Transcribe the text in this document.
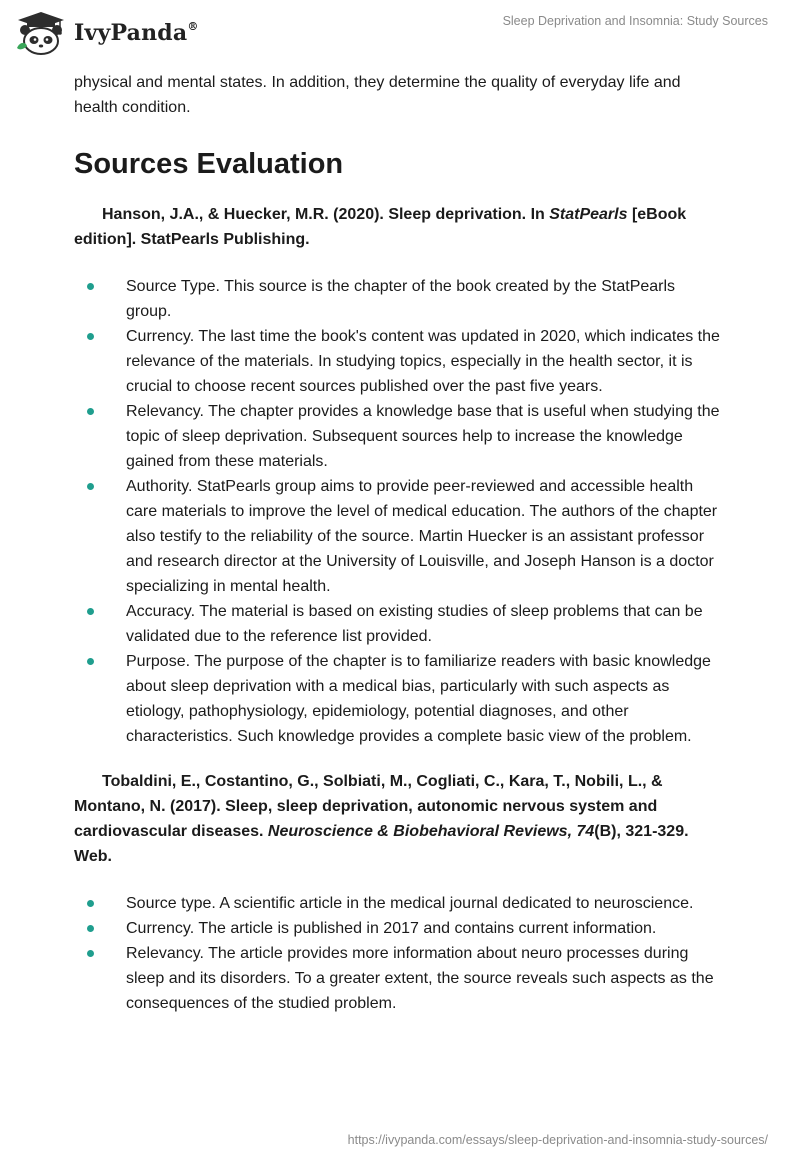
IvyPanda®	Sleep Deprivation and Insomnia: Study Sources

physical and mental states. In addition, they determine the quality of everyday life and health condition.

Sources Evaluation

Hanson, J.A., & Huecker, M.R. (2020). Sleep deprivation. In StatPearls [eBook edition]. StatPearls Publishing.

Source Type. This source is the chapter of the book created by the StatPearls group.
Currency. The last time the book's content was updated in 2020, which indicates the relevance of the materials. In studying topics, especially in the health sector, it is crucial to choose recent sources published over the past five years.
Relevancy. The chapter provides a knowledge base that is useful when studying the topic of sleep deprivation. Subsequent sources help to increase the knowledge gained from these materials.
Authority. StatPearls group aims to provide peer-reviewed and accessible health care materials to improve the level of medical education. The authors of the chapter also testify to the reliability of the source. Martin Huecker is an assistant professor and research director at the University of Louisville, and Joseph Hanson is a doctor specializing in mental health.
Accuracy. The material is based on existing studies of sleep problems that can be validated due to the reference list provided.
Purpose. The purpose of the chapter is to familiarize readers with basic knowledge about sleep deprivation with a medical bias, particularly with such aspects as etiology, pathophysiology, epidemiology, potential diagnoses, and other characteristics. Such knowledge provides a complete basic view of the problem.

Tobaldini, E., Costantino, G., Solbiati, M., Cogliati, C., Kara, T., Nobili, L., & Montano, N. (2017). Sleep, sleep deprivation, autonomic nervous system and cardiovascular diseases. Neuroscience & Biobehavioral Reviews, 74(B), 321-329. Web.

Source type. A scientific article in the medical journal dedicated to neuroscience.
Currency. The article is published in 2017 and contains current information.
Relevancy. The article provides more information about neuro processes during sleep and its disorders. To a greater extent, the source reveals such aspects as the consequences of the studied problem.
https://ivypanda.com/essays/sleep-deprivation-and-insomnia-study-sources/
